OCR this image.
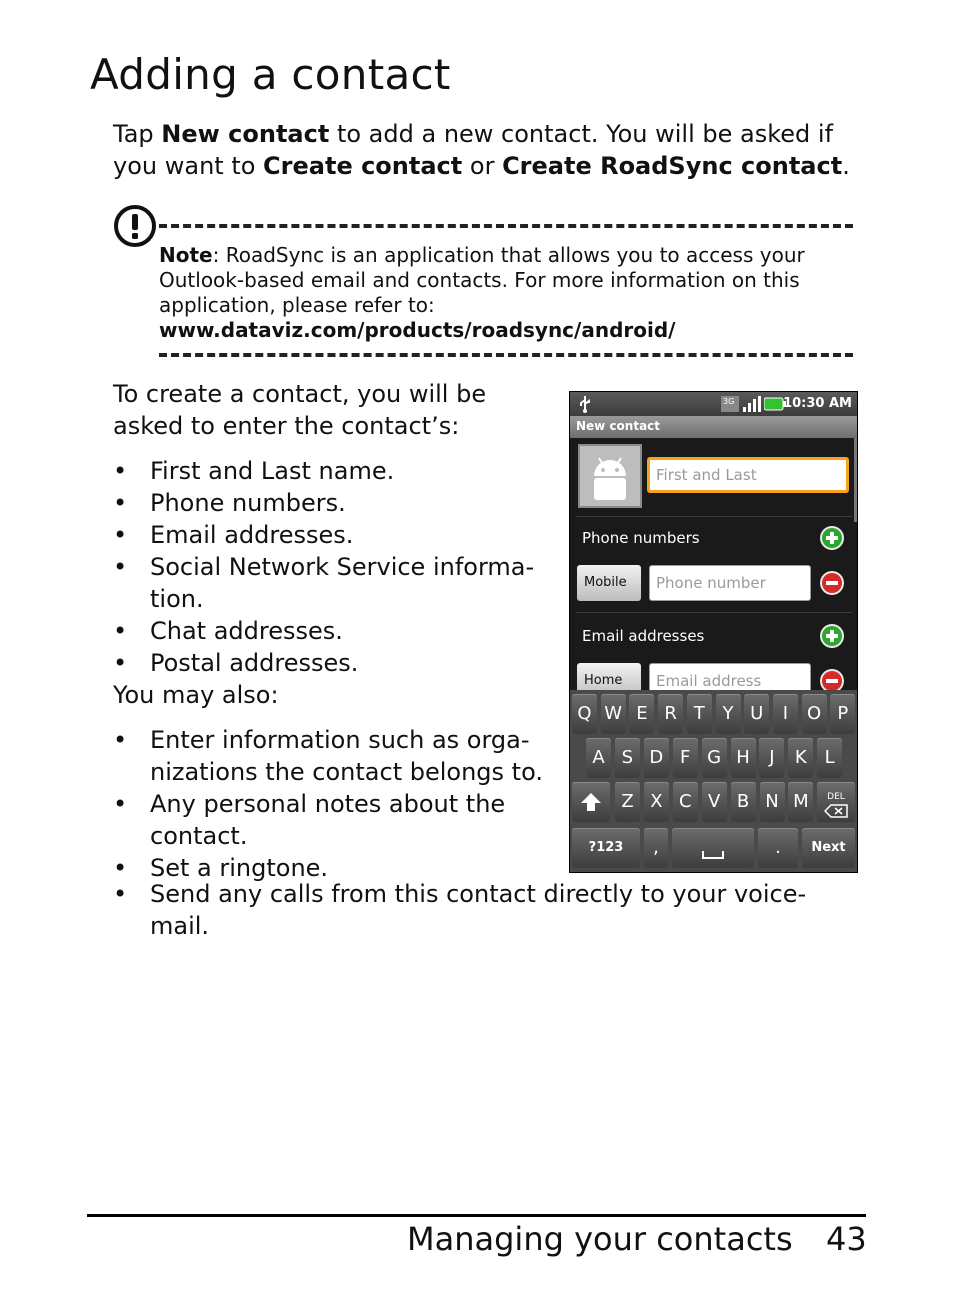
Adding a contact

Tap New contact to add a new contact. You will be asked if you want to Create contact or Create RoadSync contact.

Note: RoadSync is an application that allows you to access your Outlook-based email and contacts. For more information on this application, please refer to:
www.dataviz.com/products/roadsync/android/

To create a contact, you will be asked to enter the contact’s:

• First and Last name.
• Phone numbers.
• Email addresses.
• Social Network Service informa-tion.
• Chat addresses.
• Postal addresses.

You may also:

• Enter information such as orga-nizations the contact belongs to.
• Any personal notes about the contact.
• Set a ringtone.
• Send any calls from this contact directly to your voice-mail.
3G	10:30 AM
New contact
First and Last
Phone numbers
Mobile	Phone number
Email addresses
Home	Email address
DEL
?123	,	.	Next
Q W E R T Y U	I	O P
A S D F G H	J	K L
Z X C V B N M
Managing your contacts 43
